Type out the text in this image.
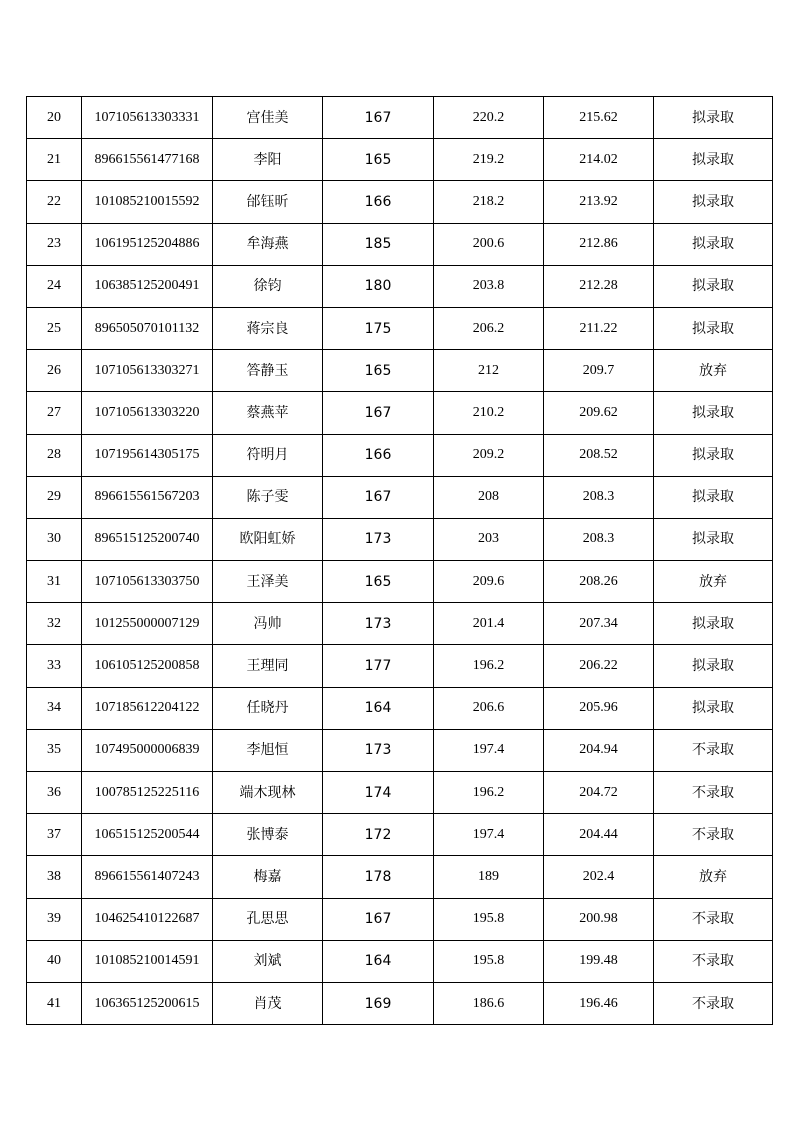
20	107105613303331	宫佳美	167	220.2	215.62	拟录取
21	896615561477168	李阳	165	219.2	214.02	拟录取
22	101085210015592	邰钰昕	166	218.2	213.92	拟录取
23	106195125204886	牟海燕	185	200.6	212.86	拟录取
24	106385125200491	徐钧	180	203.8	212.28	拟录取
25	896505070101132	蒋宗良	175	206.2	211.22	拟录取
26	107105613303271	答静玉	165	212	209.7	放弃
27	107105613303220	蔡燕苹	167	210.2	209.62	拟录取
28	107195614305175	符明月	166	209.2	208.52	拟录取
29	896615561567203	陈子雯	167	208	208.3	拟录取
30	896515125200740	欧阳虹娇	173	203	208.3	拟录取
31	107105613303750	王泽美	165	209.6	208.26	放弃
32	101255000007129	冯帅	173	201.4	207.34	拟录取
33	106105125200858	王理同	177	196.2	206.22	拟录取
34	107185612204122	任晓丹	164	206.6	205.96	拟录取
35	107495000006839	李旭恒	173	197.4	204.94	不录取
36	100785125225116	端木现林	174	196.2	204.72	不录取
37	106515125200544	张博泰	172	197.4	204.44	不录取
38	896615561407243	梅嘉	178	189	202.4	放弃
39	104625410122687	孔思思	167	195.8	200.98	不录取
40	101085210014591	刘斌	164	195.8	199.48	不录取
41	106365125200615	肖茂	169	186.6	196.46	不录取
